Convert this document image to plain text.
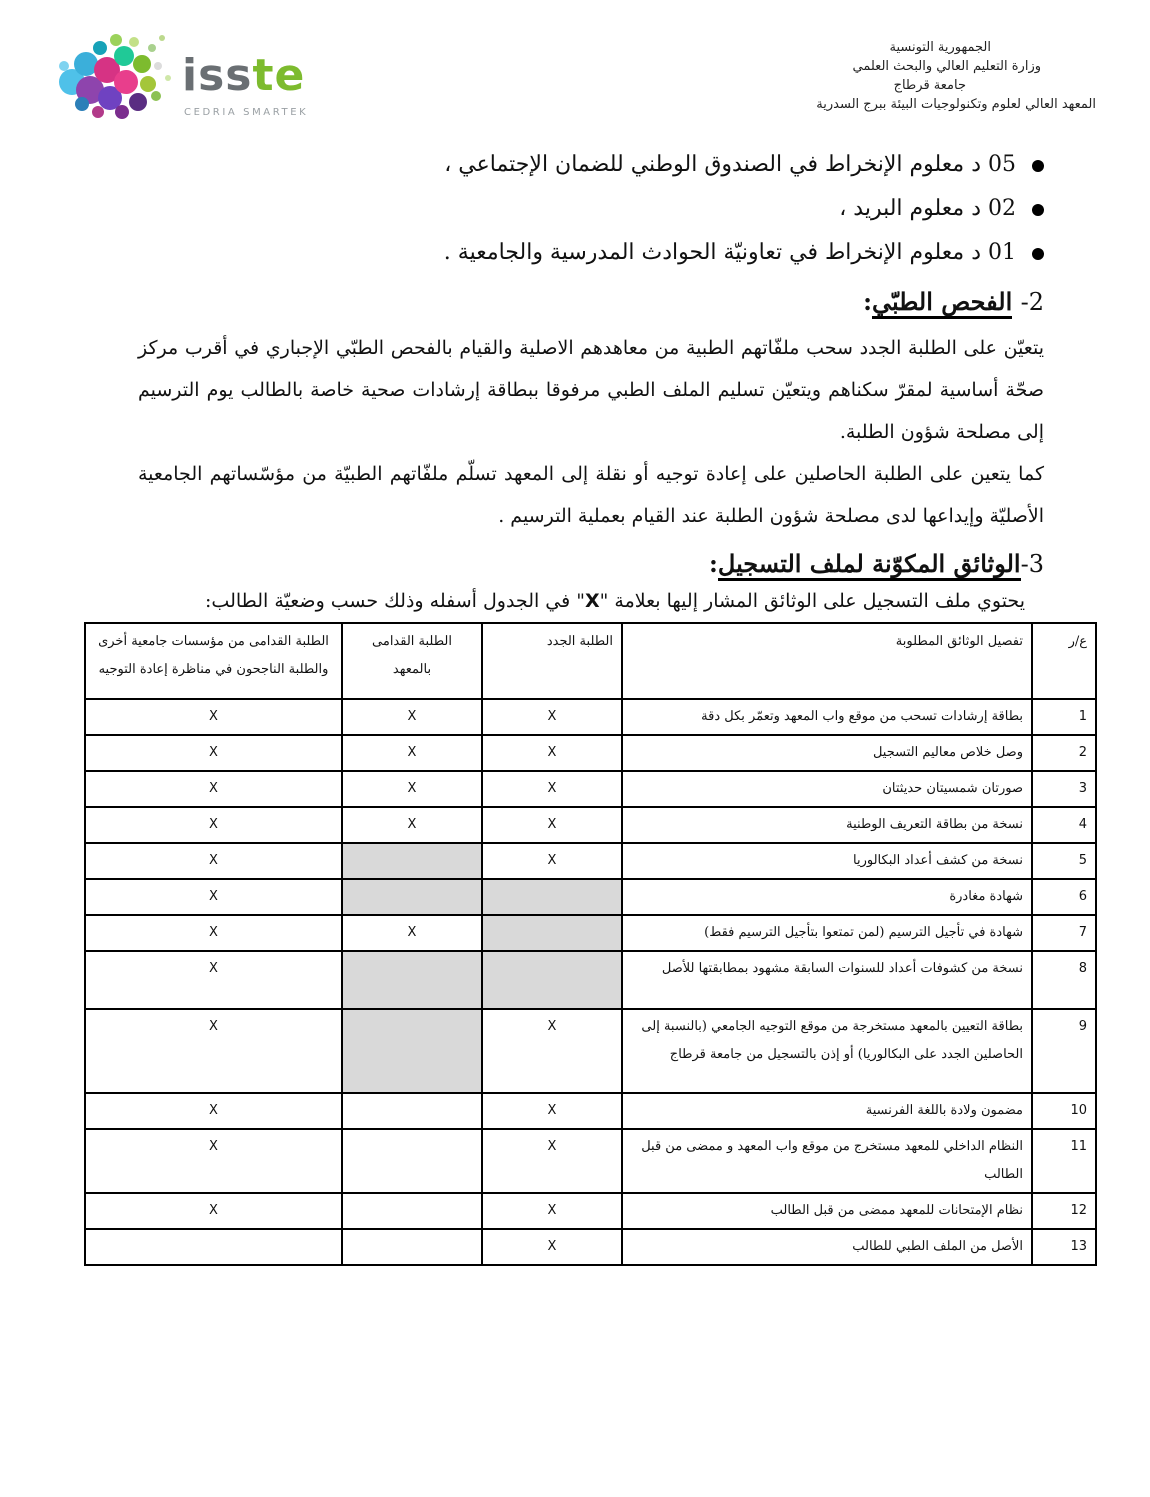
isste
CEDRIA SMARTEK
الجمهورية التونسية
وزارة التعليم العالي والبحث العلمي
جامعة قرطاج
المعهد العالي لعلوم وتكنولوجيات البيئة ببرج السدرية
05 د معلوم الإنخراط في الصندوق الوطني للضمان الإجتماعي ،
02 د معلوم البريد ،
01 د معلوم الإنخراط في تعاونيّة الحوادث المدرسية والجامعية .
2- الفحص الطبّي:

يتعيّن على الطلبة الجدد سحب ملفّاتهم الطبية من معاهدهم الاصلية والقيام بالفحص الطبّي الإجباري في أقرب مركز صحّة أساسية لمقرّ سكناهم ويتعيّن تسليم الملف الطبي مرفوقا ببطاقة إرشادات صحية خاصة بالطالب يوم الترسيم إلى مصلحة شؤون الطلبة.

كما يتعين على الطلبة الحاصلين على إعادة توجيه أو نقلة إلى المعهد تسلّم ملفّاتهم الطبيّة من مؤسّساتهم الجامعية الأصليّة وإيداعها لدى مصلحة شؤون الطلبة عند القيام بعملية الترسيم .

3-الوثائق المكوّنة لملف التسجيل:
يحتوي ملف التسجيل على الوثائق المشار إليها بعلامة "X" في الجدول أسفله وذلك حسب وضعيّة الطالب:
ع/ر	تفصيل الوثائق المطلوبة	الطلبة الجدد	الطلبة القدامى بالمعهد	الطلبة القدامى من مؤسسات جامعية أخرى والطلبة الناجحون في مناظرة إعادة التوجيه
1	بطاقة إرشادات تسحب من موقع واب المعهد وتعمّر بكل دقة	X	X	X
2	وصل خلاص معاليم التسجيل	X	X	X
3	صورتان شمسيتان حديثتان	X	X	X
4	نسخة من بطاقة التعريف الوطنية	X	X	X
5	نسخة من كشف أعداد البكالوريا	X		X
6	شهادة مغادرة			X
7	شهادة في تأجيل الترسيم (لمن تمتعوا بتأجيل الترسيم فقط)		X	X
8	نسخة من كشوفات أعداد للسنوات السابقة مشهود بمطابقتها للأصل			X
9	بطاقة التعيين بالمعهد مستخرجة من موقع التوجيه الجامعي (بالنسبة إلى الحاصلين الجدد على البكالوريا) أو إذن بالتسجيل من جامعة قرطاج	X		X
10	مضمون ولادة باللغة الفرنسية	X		X
11	النظام الداخلي للمعهد مستخرج من موقع واب المعهد و ممضى من قبل الطالب	X		X
12	نظام الإمتحانات للمعهد ممضى من قبل الطالب	X		X
13	الأصل من الملف الطبي للطالب	X		
